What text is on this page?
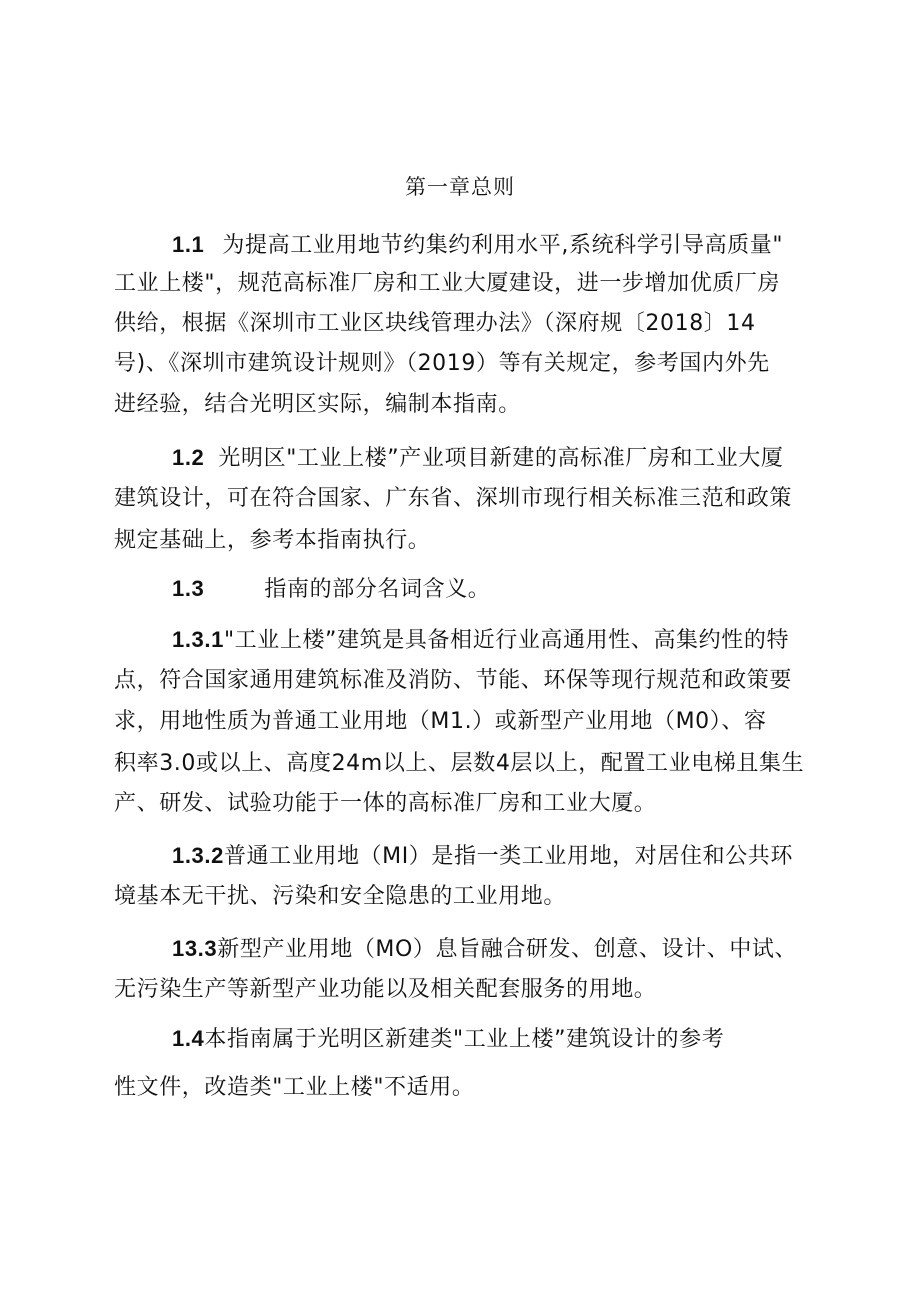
第一章总则
1.1 为提高工业用地节约集约利用水平,系统科学引导高质量"
工业上楼"，规范高标准厂房和工业大厦建设，进一步增加优质厂房
供给，根据《深圳市工业区块线管理办法》（深府规〔2018〕14
号)、《深圳市建筑设计规则》（2019）等有关规定，参考国内外先
进经验，结合光明区实际，编制本指南。
1.2 光明区"工业上楼”产业项目新建的高标准厂房和工业大厦
建筑设计，可在符合国家、广东省、深圳市现行相关标准三范和政策
规定基础上，参考本指南执行。
1.3	指南的部分名词含义。
1.3.1"工业上楼”建筑是具备相近行业高通用性、高集约性的特
点，符合国家通用建筑标准及消防、节能、环保等现行规范和政策要
求，用地性质为普通工业用地（M1.）或新型产业用地（M0）、容
积率3.0或以上、高度24m以上、层数4层以上，配置工业电梯且集生
产、研发、试验功能于一体的高标准厂房和工业大厦。
1.3.2普通工业用地（MI）是指一类工业用地，对居住和公共环
境基本无干扰、污染和安全隐患的工业用地。
13.3新型产业用地（MO）息旨融合研发、创意、设计、中试、
无污染生产等新型产业功能以及相关配套服务的用地。
1.4本指南属于光明区新建类"工业上楼”建筑设计的参考
性文件，改造类"工业上楼"不适用。
